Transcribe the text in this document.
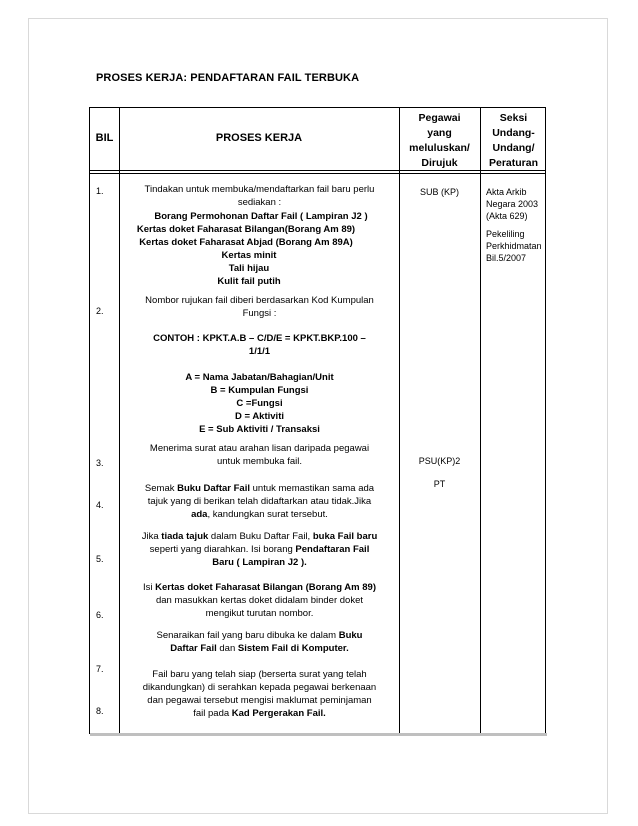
PROSES KERJA: PENDAFTARAN FAIL TERBUKA
BIL	PROSES KERJA
Pegawai
yang
meluluskan/
Dirujuk
Seksi
Undang-
Undang/
Peraturan
1.
2.
3.
4.
5.
6.
7.
8.
Tindakan untuk membuka/mendaftarkan fail baru perlu
sediakan :
Borang Permohonan Daftar Fail ( Lampiran J2 )
Kertas doket Faharasat Bilangan(Borang Am 89)
Kertas doket Faharasat Abjad (Borang Am 89A)
Kertas minit
Tali hijau
Kulit fail putih
Nombor rujukan fail diberi berdasarkan Kod Kumpulan
Fungsi :
CONTOH : KPKT.A.B – C/D/E = KPKT.BKP.100 –
1/1/1
A = Nama Jabatan/Bahagian/Unit
B = Kumpulan Fungsi
C =Fungsi
D = Aktiviti
E = Sub Aktiviti / Transaksi
Menerima surat atau arahan lisan daripada pegawai
untuk membuka fail.
Semak Buku Daftar Fail untuk memastikan sama ada
tajuk yang di berikan telah didaftarkan atau tidak.Jika
ada, kandungkan surat tersebut.
Jika tiada tajuk dalam Buku Daftar Fail, buka Fail baru
seperti yang diarahkan. Isi borang Pendaftaran Fail
Baru ( Lampiran J2 ).
Isi Kertas doket Faharasat Bilangan (Borang Am 89)
dan masukkan kertas doket didalam binder doket
mengikut turutan nombor.
Senaraikan fail yang baru dibuka ke dalam Buku
Daftar Fail dan Sistem Fail di Komputer.
Fail baru yang telah siap (berserta surat yang telah
dikandungkan) di serahkan kepada pegawai berkenaan
dan pegawai tersebut mengisi maklumat peminjaman
fail pada Kad Pergerakan Fail.
SUB (KP)
PSU(KP)2
PT
Akta Arkib
Negara 2003
(Akta 629)
Pekeliling
Perkhidmatan
Bil.5/2007
